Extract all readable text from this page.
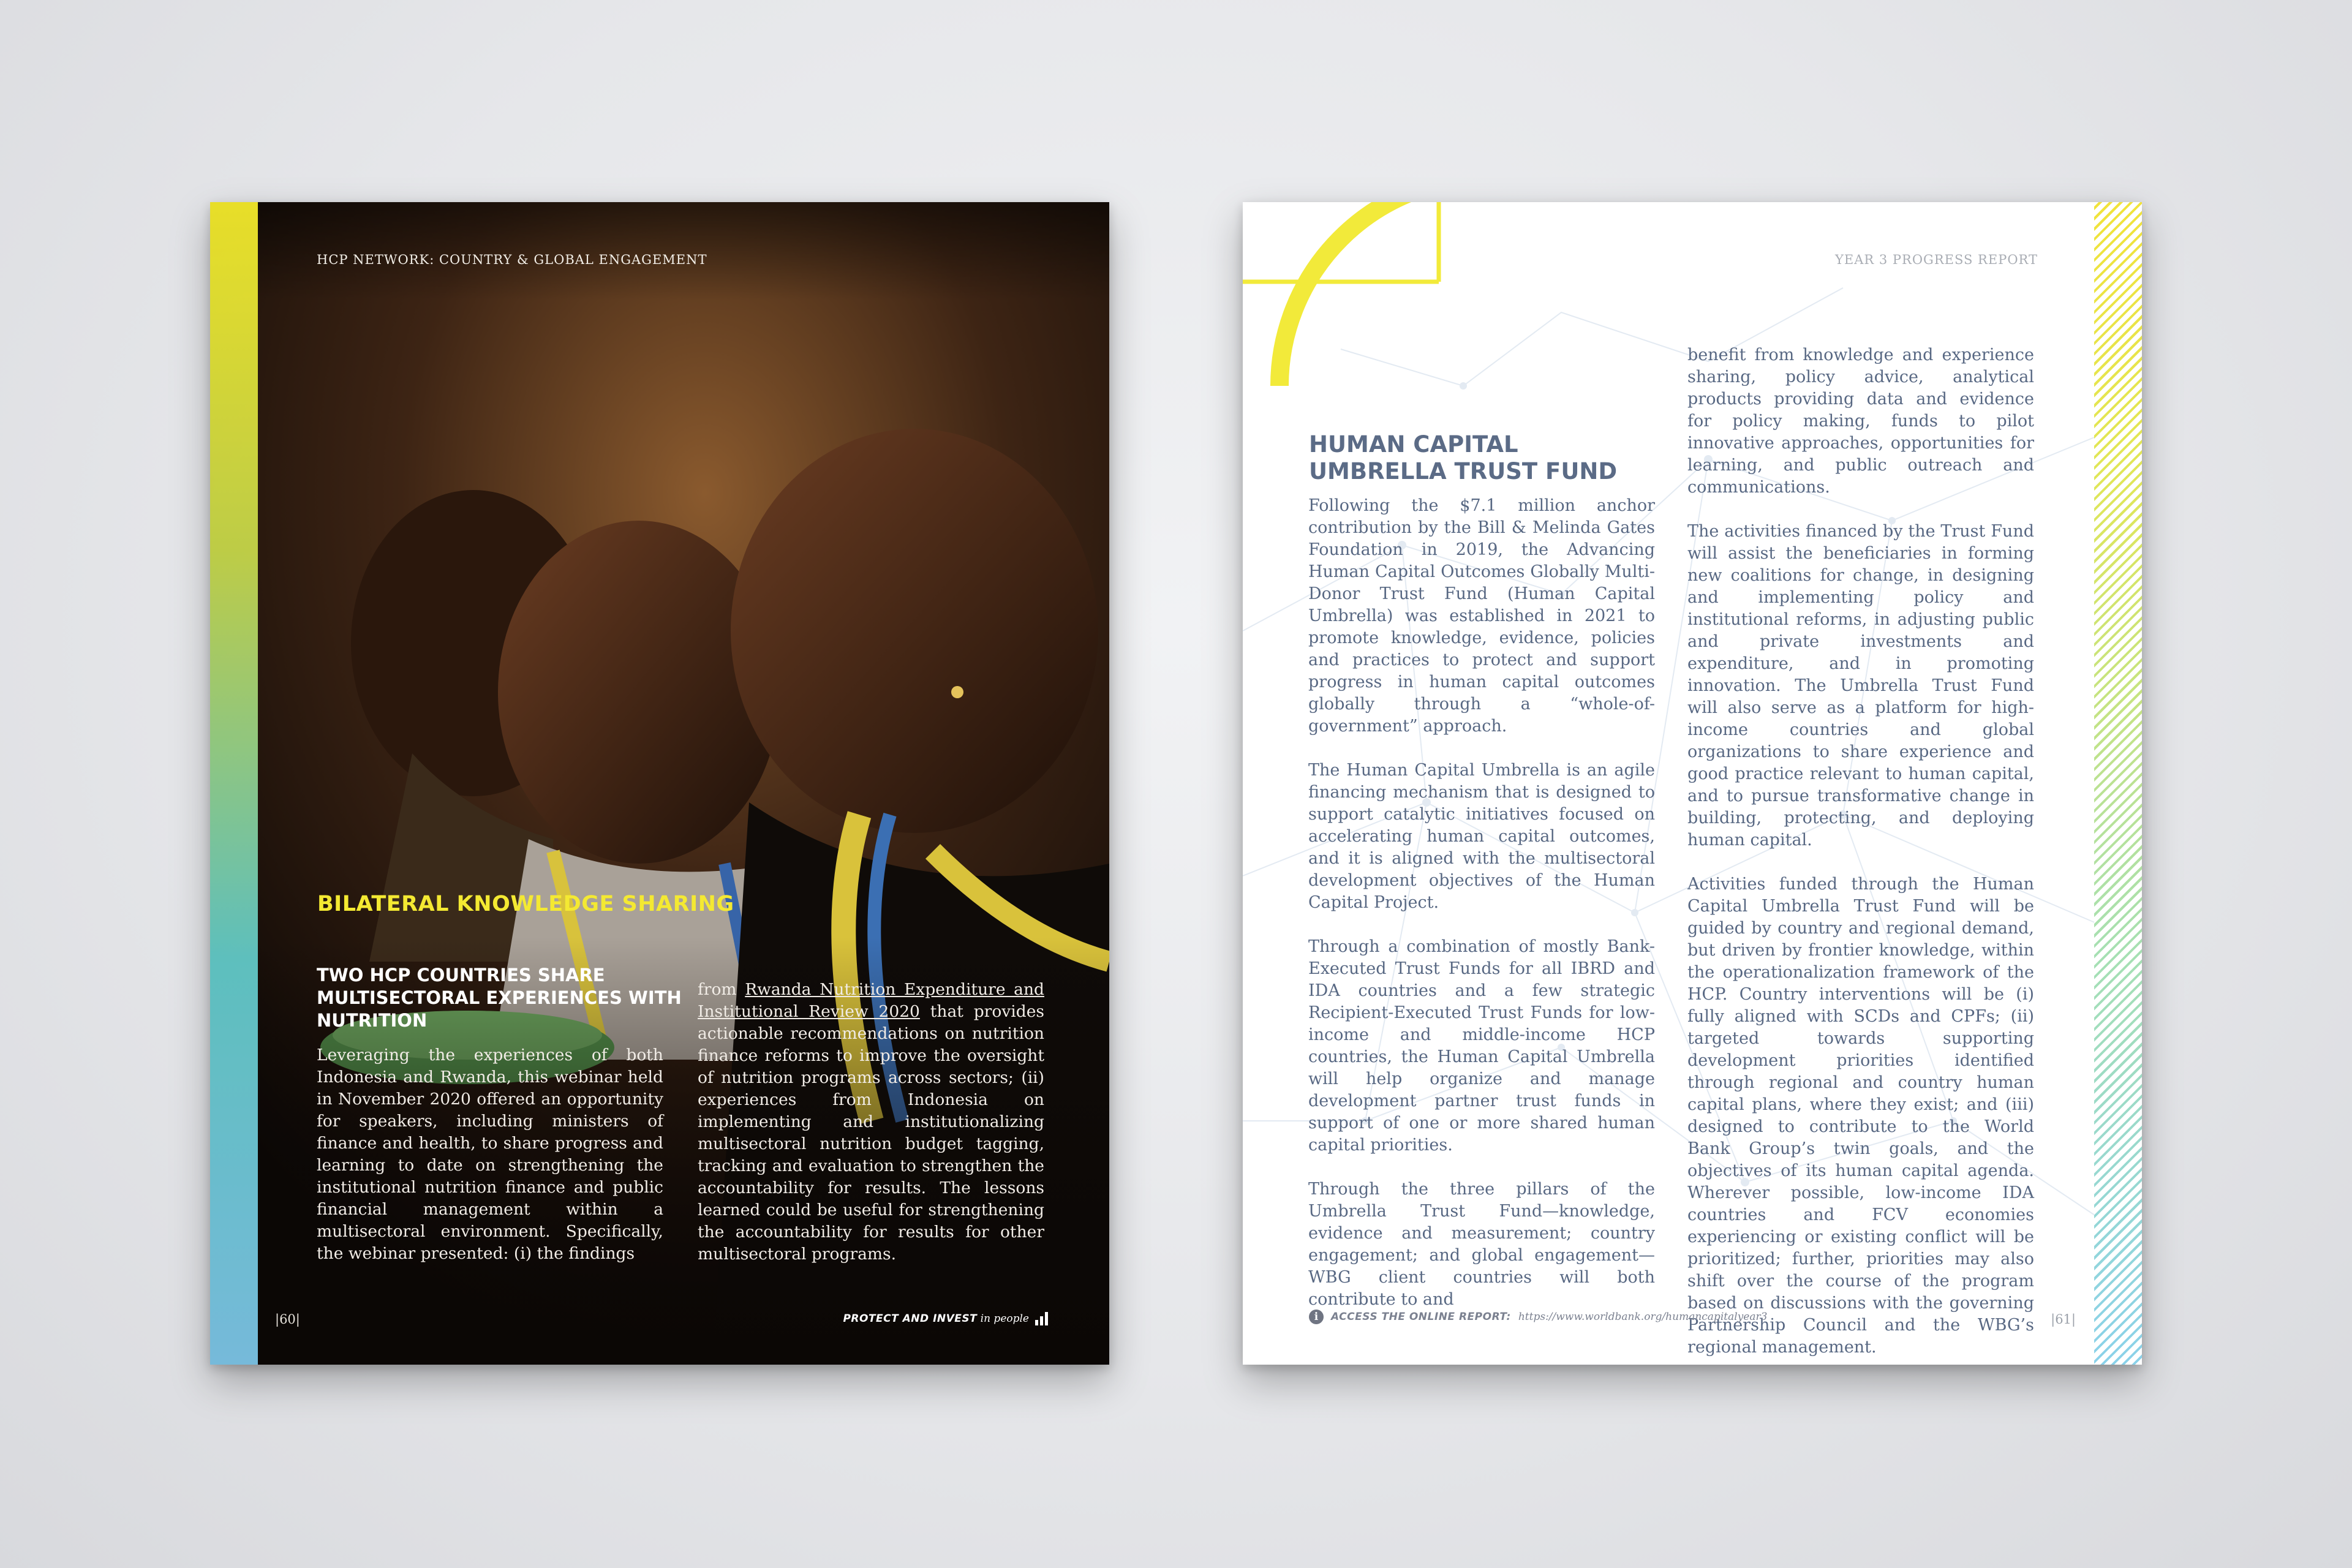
HCP NETWORK: COUNTRY & GLOBAL ENGAGEMENT
BILATERAL KNOWLEDGE SHARING
TWO HCP COUNTRIES SHARE MULTISECTORAL EXPERIENCES WITH NUTRITION

Leveraging the experiences of both Indonesia and Rwanda, this webinar held in November 2020 offered an opportunity for speakers, including ministers of finance and health, to share progress and learning to date on strengthening the institutional nutrition finance and public financial management within a multisectoral environment. Specifically, the webinar presented: (i) the findings

from Rwanda Nutrition Expenditure and Institutional Review 2020 that provides actionable recommendations on nutrition finance reforms to improve the oversight of nutrition programs across sectors; (ii) experiences from Indonesia on implementing and institutionalizing multisectoral nutrition budget tagging, tracking and evaluation to strengthen the accountability for results. The lessons learned could be useful for strengthening the accountability for results for other multisectoral programs.

|60|	PROTECT AND INVEST in people
YEAR 3 PROGRESS REPORT
HUMAN CAPITAL UMBRELLA TRUST FUND

Following the $7.1 million anchor contribution by the Bill & Melinda Gates Foundation in 2019, the Advancing Human Capital Outcomes Globally Multi-Donor Trust Fund (Human Capital Umbrella) was established in 2021 to promote knowledge, evidence, policies and practices to protect and support progress in human capital outcomes globally through a “whole-of-government” approach.

The Human Capital Umbrella is an agile financing mechanism that is designed to support catalytic initiatives focused on accelerating human capital outcomes, and it is aligned with the multisectoral development objectives of the Human Capital Project.

Through a combination of mostly Bank-Executed Trust Funds for all IBRD and IDA countries and a few strategic Recipient-Executed Trust Funds for low-income and middle-income HCP countries, the Human Capital Umbrella will help organize and manage development partner trust funds in support of one or more shared human capital priorities.

Through the three pillars of the Umbrella Trust Fund—knowledge, evidence and measurement; country engagement; and global engagement—WBG client countries will both contribute to and

benefit from knowledge and experience sharing, policy advice, analytical products providing data and evidence for policy making, funds to pilot innovative approaches, opportunities for learning, and public outreach and communications.

The activities financed by the Trust Fund will assist the beneficiaries in forming new coalitions for change, in designing and implementing policy and institutional reforms, in adjusting public and private investments and expenditure, and in promoting innovation. The Umbrella Trust Fund will also serve as a platform for high-income countries and global organizations to share experience and good practice relevant to human capital, and to pursue transformative change in building, protecting, and deploying human capital.

Activities funded through the Human Capital Umbrella Trust Fund will be guided by country and regional demand, but driven by frontier knowledge, within the operationalization framework of the HCP. Country interventions will be (i) fully aligned with SCDs and CPFs; (ii) targeted towards supporting development priorities identified through regional and country human capital plans, where they exist; and (iii) designed to contribute to the World Bank Group’s twin goals, and the objectives of its human capital agenda. Wherever possible, low-income IDA countries and FCV economies experiencing or existing conflict will be prioritized; further, priorities may also shift over the course of the program based on discussions with the governing Partnership Council and the WBG’s regional management.

i	ACCESS THE ONLINE REPORT: https://www.worldbank.org/humancapitalyear3	|61|
